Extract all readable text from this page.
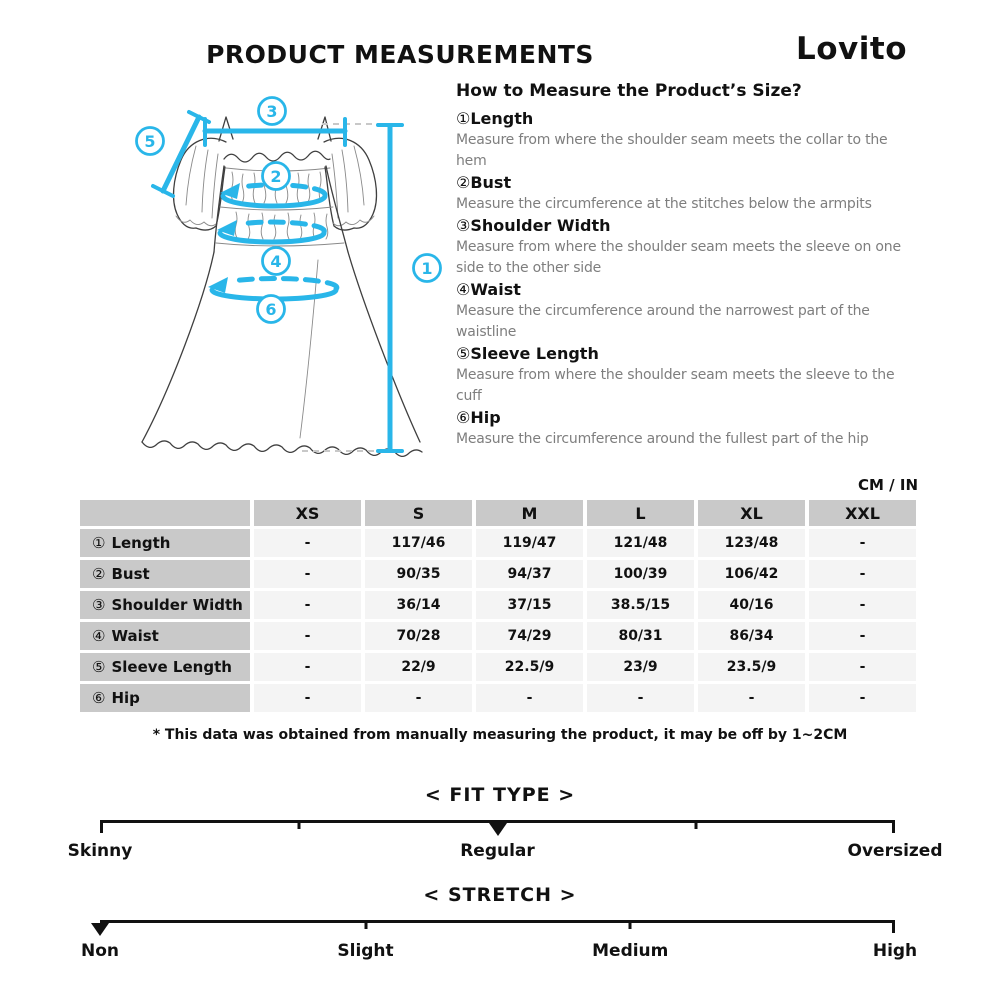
PRODUCT MEASUREMENTS	Lovito
1
2
3
4
5
6
How to Measure the Product’s Size?
①Length
Measure from where the shoulder seam meets the collar to the hem
②Bust
Measure the circumference at the stitches below the armpits
③Shoulder Width
Measure from where the shoulder seam meets the sleeve on one side to the other side
④Waist
Measure the circumference around the narrowest part of the waistline
⑤Sleeve Length
Measure from where the shoulder seam meets the sleeve to the cuff
⑥Hip
Measure the circumference around the fullest part of the hip
CM / IN
	XS	S	M	L	XL	XXL
① Length	-	117/46	119/47	121/48	123/48	-
② Bust	-	90/35	94/37	100/39	106/42	-
③ Shoulder Width	-	36/14	37/15	38.5/15	40/16	-
④ Waist	-	70/28	74/29	80/31	86/34	-
⑤ Sleeve Length	-	22/9	22.5/9	23/9	23.5/9	-
⑥ Hip	-	-	-	-	-	-
* This data was obtained from manually measuring the product, it may be off by 1~2CM
< FIT TYPE >
Skinny	Regular	Oversized
< STRETCH >
Non	Slight	Medium	High
